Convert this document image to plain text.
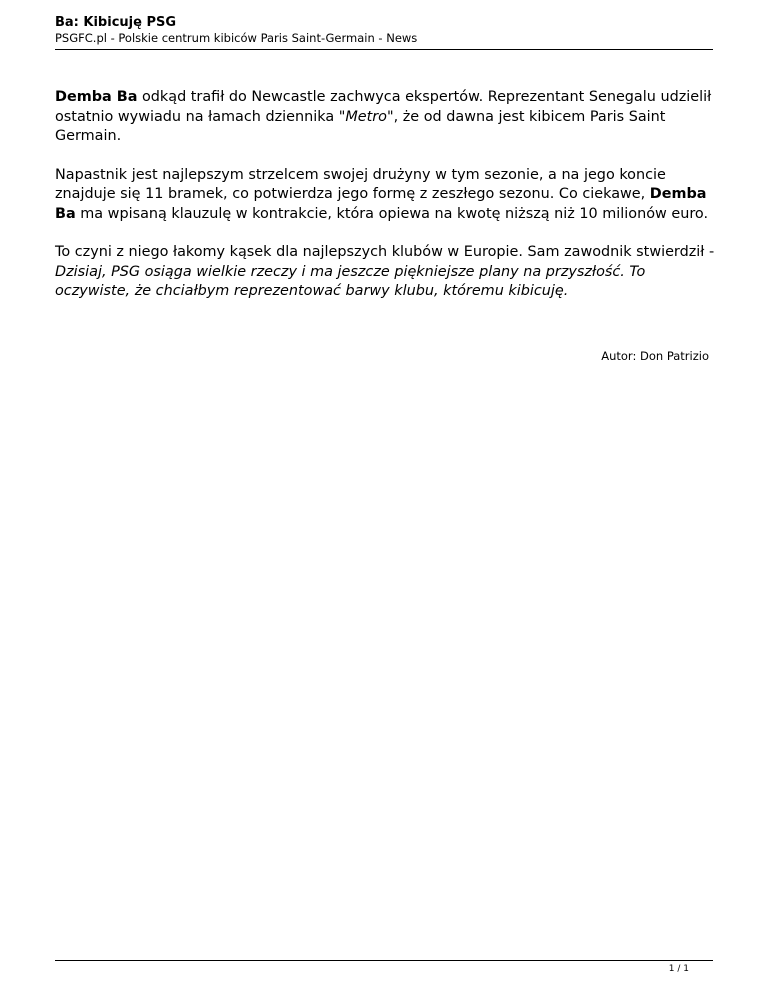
Ba: Kibicuję PSG
PSGFC.pl - Polskie centrum kibiców Paris Saint-Germain - News

Demba Ba odkąd trafił do Newcastle zachwyca ekspertów. Reprezentant Senegalu udzielił ostatnio wywiadu na łamach dziennika "Metro", że od dawna jest kibicem Paris Saint Germain.

Napastnik jest najlepszym strzelcem swojej drużyny w tym sezonie, a na jego koncie znajduje się 11 bramek, co potwierdza jego formę z zeszłego sezonu. Co ciekawe, Demba Ba ma wpisaną klauzulę w kontrakcie, która opiewa na kwotę niższą niż 10 milionów euro.

To czyni z niego łakomy kąsek dla najlepszych klubów w Europie. Sam zawodnik stwierdził - Dzisiaj, PSG osiąga wielkie rzeczy i ma jeszcze piękniejsze plany na przyszłość. To oczywiste, że chciałbym reprezentować barwy klubu, któremu kibicuję.

Autor: Don Patrizio
1 / 1
